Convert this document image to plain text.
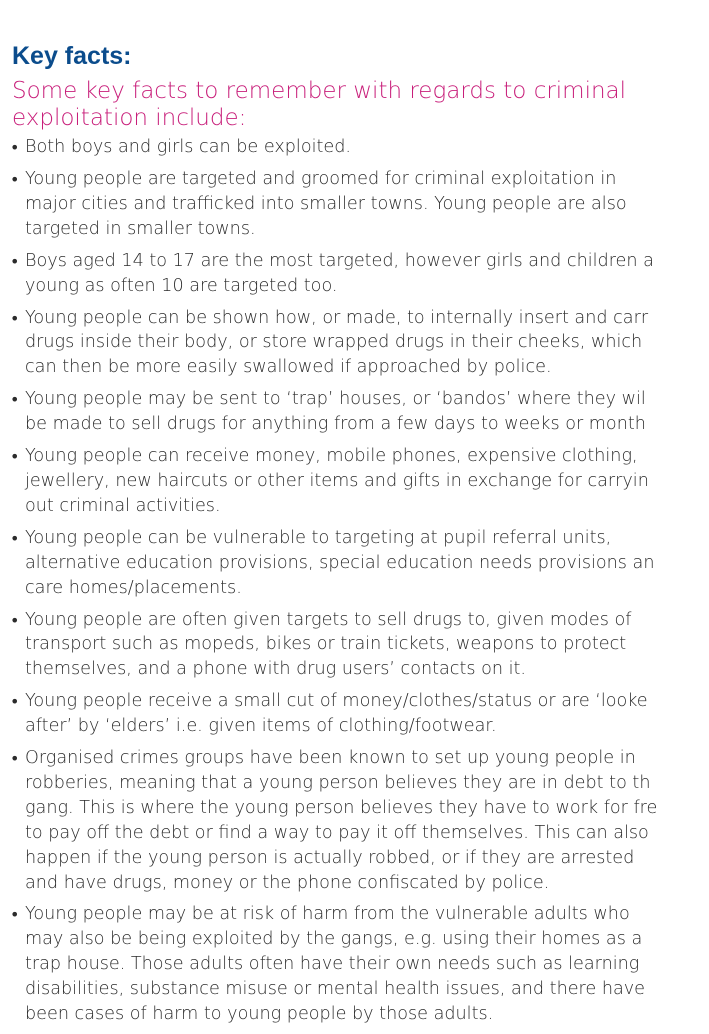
Key facts:

Some key facts to remember with regards to criminal
exploitation include:

• Both boys and girls can be exploited.
• Young people are targeted and groomed for criminal exploitation in
major cities and trafficked into smaller towns. Young people are also
targeted in smaller towns.
• Boys aged 14 to 17 are the most targeted, however girls and children a
young as often 10 are targeted too.
• Young people can be shown how, or made, to internally insert and carr
drugs inside their body, or store wrapped drugs in their cheeks, which
can then be more easily swallowed if approached by police.
• Young people may be sent to ‘trap’ houses, or ‘bandos’ where they wil
be made to sell drugs for anything from a few days to weeks or month
• Young people can receive money, mobile phones, expensive clothing,
jewellery, new haircuts or other items and gifts in exchange for carryin
out criminal activities.
• Young people can be vulnerable to targeting at pupil referral units,
alternative education provisions, special education needs provisions an
care homes/placements.
• Young people are often given targets to sell drugs to, given modes of
transport such as mopeds, bikes or train tickets, weapons to protect
themselves, and a phone with drug users’ contacts on it.
• Young people receive a small cut of money/clothes/status or are ‘looke
after’ by ‘elders’ i.e. given items of clothing/footwear.
• Organised crimes groups have been known to set up young people in
robberies, meaning that a young person believes they are in debt to th
gang. This is where the young person believes they have to work for fre
to pay off the debt or find a way to pay it off themselves. This can also
happen if the young person is actually robbed, or if they are arrested
and have drugs, money or the phone confiscated by police.
• Young people may be at risk of harm from the vulnerable adults who
may also be being exploited by the gangs, e.g. using their homes as a
trap house. Those adults often have their own needs such as learning
disabilities, substance misuse or mental health issues, and there have
been cases of harm to young people by those adults.
